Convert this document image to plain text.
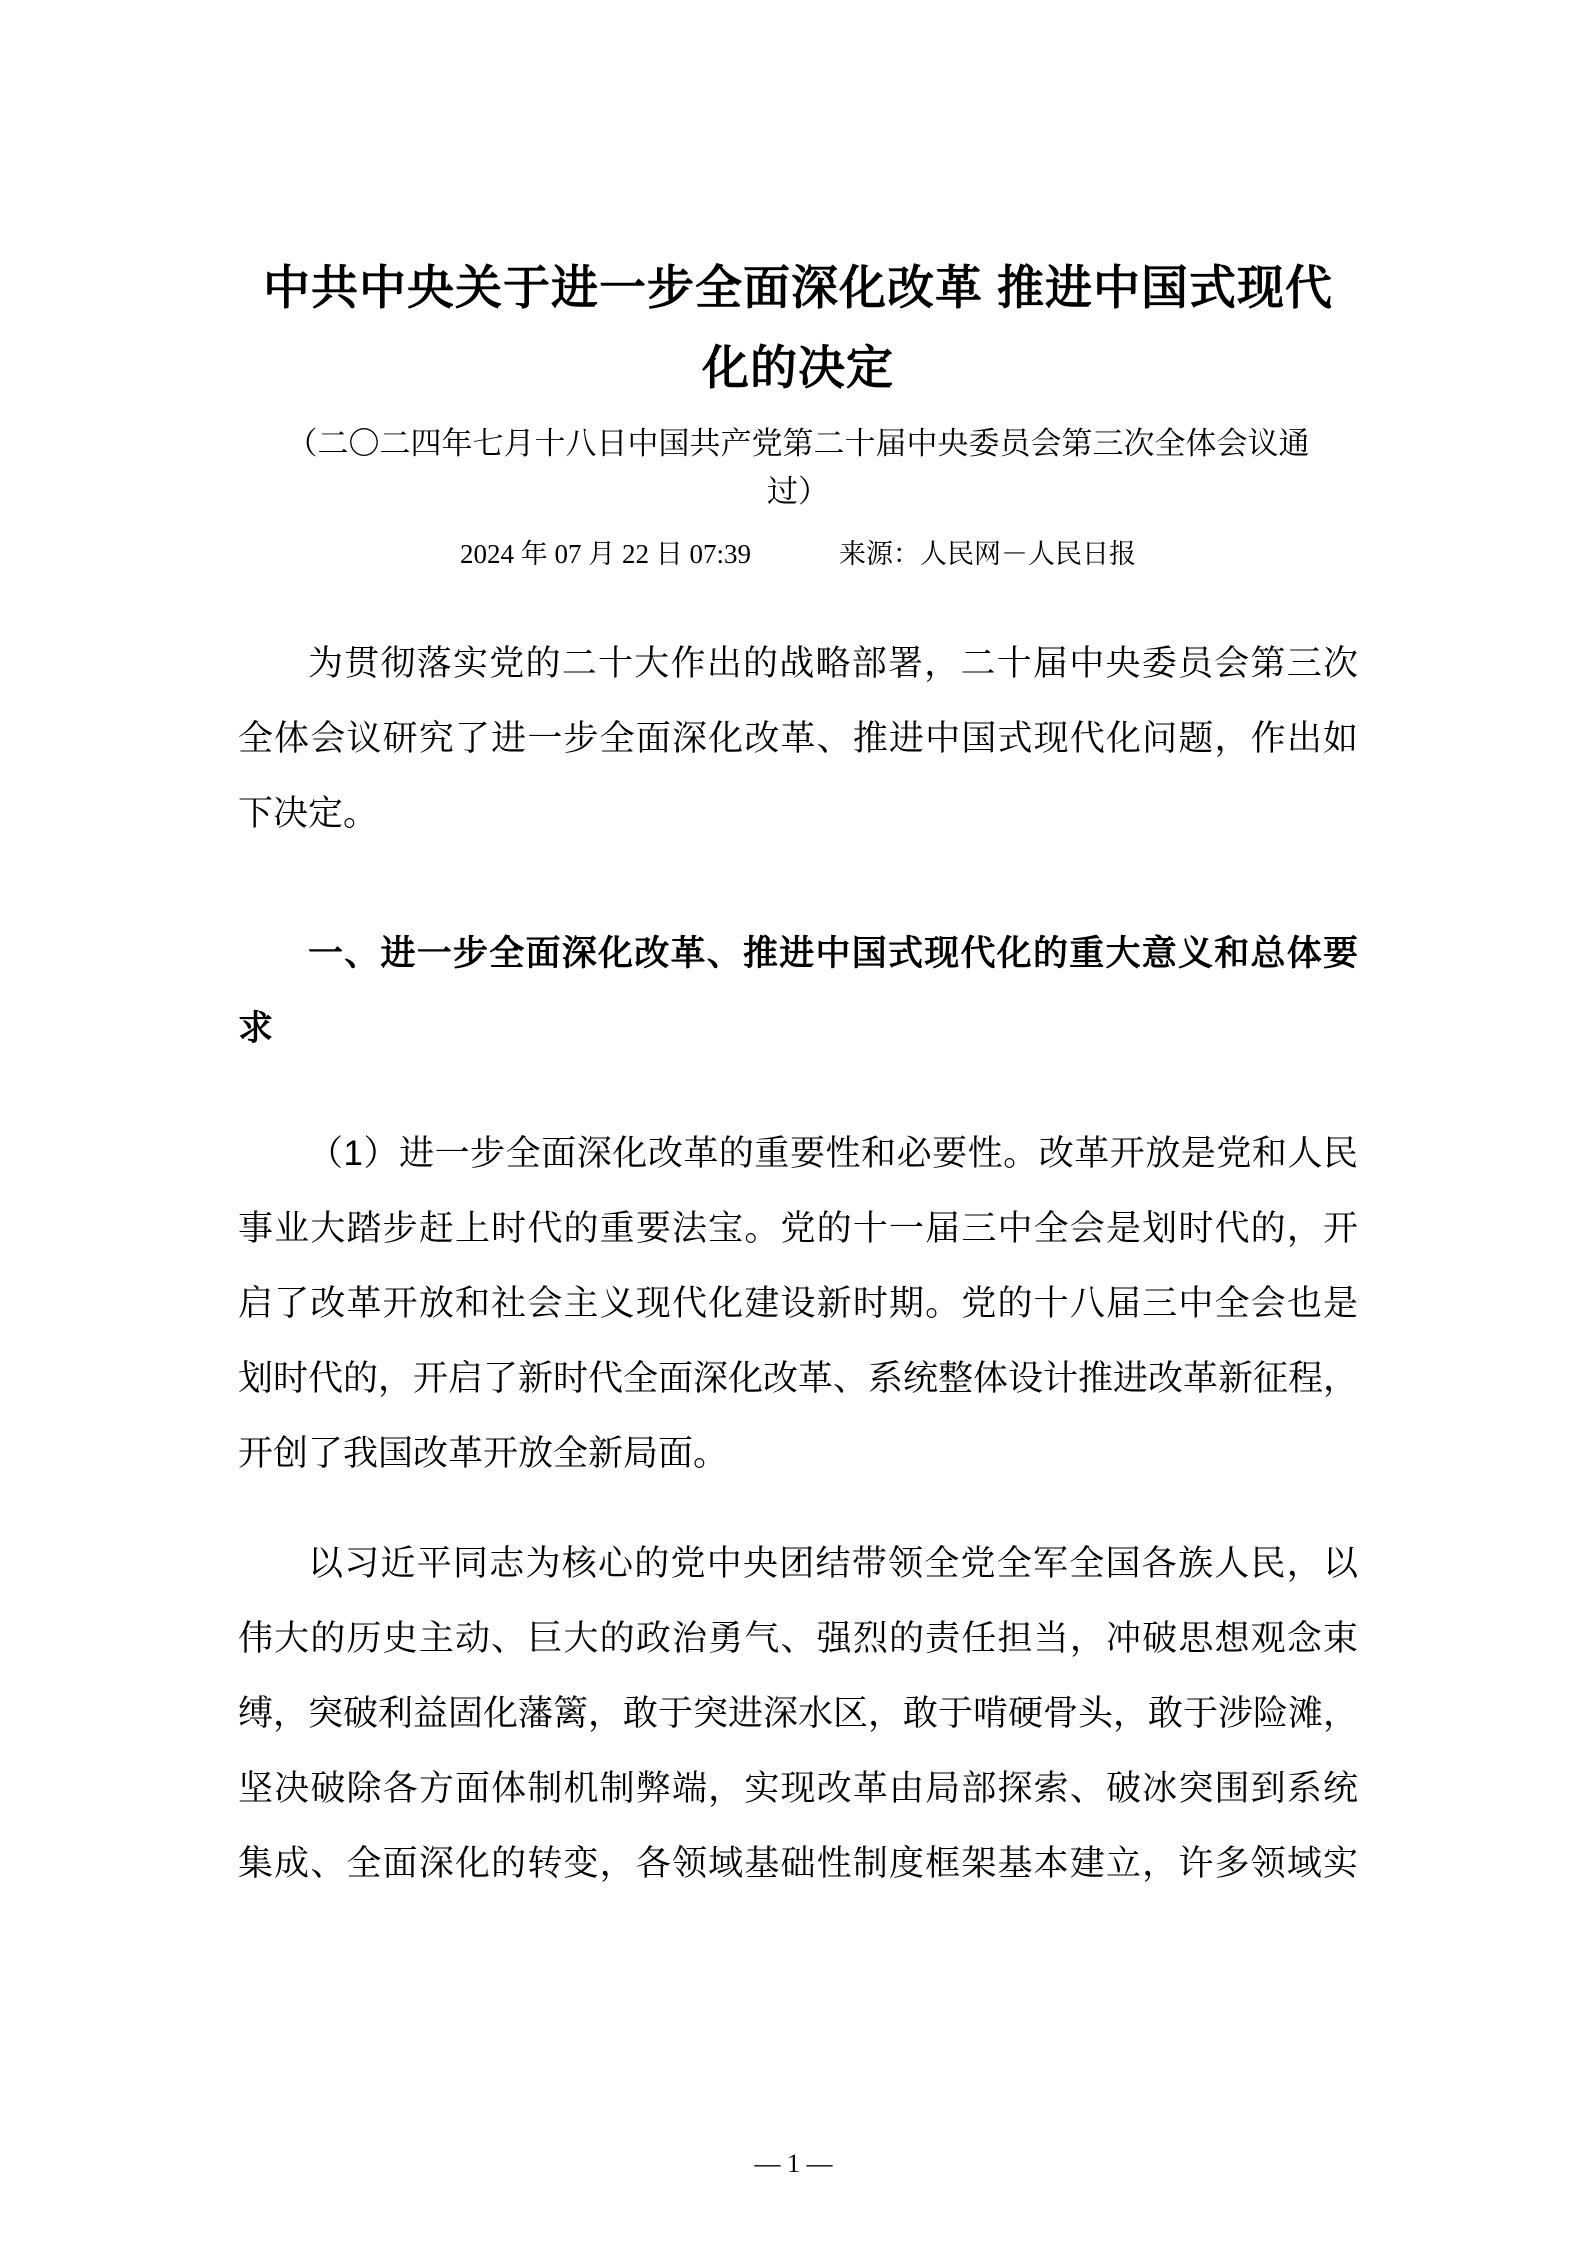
中共中央关于进一步全面深化改革 推进中国式现代
化的决定
（二〇二四年七月十八日中国共产党第二十届中央委员会第三次全体会议通
过）
2024 年 07 月 22 日 07:39	来源：人民网－人民日报
为贯彻落实党的二十大作出的战略部署，二十届中央委员会第三次
全体会议研究了进一步全面深化改革、推进中国式现代化问题，作出如
下决定。
一、进一步全面深化改革、推进中国式现代化的重大意义和总体要
求
（1）进一步全面深化改革的重要性和必要性。改革开放是党和人民
事业大踏步赶上时代的重要法宝。党的十一届三中全会是划时代的，开
启了改革开放和社会主义现代化建设新时期。党的十八届三中全会也是
划时代的，开启了新时代全面深化改革、系统整体设计推进改革新征程，
开创了我国改革开放全新局面。
以习近平同志为核心的党中央团结带领全党全军全国各族人民，以
伟大的历史主动、巨大的政治勇气、强烈的责任担当，冲破思想观念束
缚，突破利益固化藩篱，敢于突进深水区，敢于啃硬骨头，敢于涉险滩，
坚决破除各方面体制机制弊端，实现改革由局部探索、破冰突围到系统
集成、全面深化的转变，各领域基础性制度框架基本建立，许多领域实
— 1 —
